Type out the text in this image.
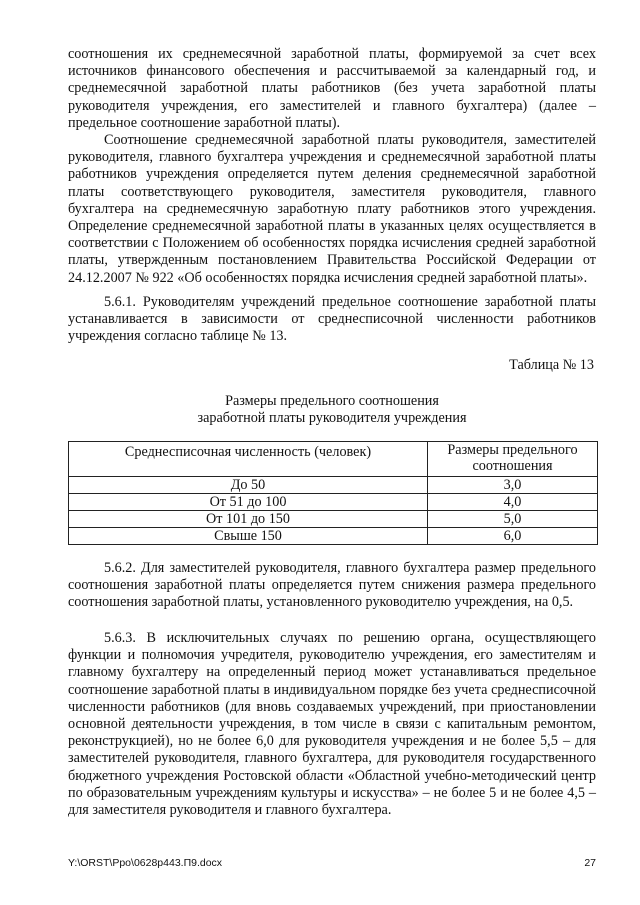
соотношения их среднемесячной заработной платы, формируемой за счет всех источников финансового обеспечения и рассчитываемой за календарный год, и среднемесячной заработной платы работников (без учета заработной платы руководителя учреждения, его заместителей и главного бухгалтера) (далее – предельное соотношение заработной платы).

Соотношение среднемесячной заработной платы руководителя, заместителей руководителя, главного бухгалтера учреждения и среднемесячной заработной платы работников учреждения определяется путем деления среднемесячной заработной платы соответствующего руководителя, заместителя руководителя, главного бухгалтера на среднемесячную заработную плату работников этого учреждения. Определение среднемесячной заработной платы в указанных целях осуществляется в соответствии с Положением об особенностях порядка исчисления средней заработной платы, утвержденным постановлением Правительства Российской Федерации от 24.12.2007 № 922 «Об особенностях порядка исчисления средней заработной платы».

5.6.1. Руководителям учреждений предельное соотношение заработной платы устанавливается в зависимости от среднесписочной численности работников учреждения согласно таблице № 13.

Таблица № 13
Размеры предельного соотношения
заработной платы руководителя учреждения
Среднесписочная численность (человек)	Размеры предельного соотношения
До 50	3,0
От 51 до 100	4,0
От 101 до 150	5,0
Свыше 150	6,0

5.6.2. Для заместителей руководителя, главного бухгалтера размер предельного соотношения заработной платы определяется путем снижения размера предельного соотношения заработной платы, установленного руководителю учреждения, на 0,5.

5.6.3. В исключительных случаях по решению органа, осуществляющего функции и полномочия учредителя, руководителю учреждения, его заместителям и главному бухгалтеру на определенный период может устанавливаться предельное соотношение заработной платы в индивидуальном порядке без учета среднесписочной численности работников (для вновь создаваемых учреждений, при приостановлении основной деятельности учреждения, в том числе в связи с капитальным ремонтом, реконструкцией), но не более 6,0 для руководителя учреждения и не более 5,5 – для заместителей руководителя, главного бухгалтера, для руководителя государственного бюджетного учреждения Ростовской области «Областной учебно-методический центр по образовательным учреждениям культуры и искусства» – не более 5 и не более 4,5 – для заместителя руководителя и главного бухгалтера.

Y:\ORST\Ppo\0628p443.П9.docx	27
